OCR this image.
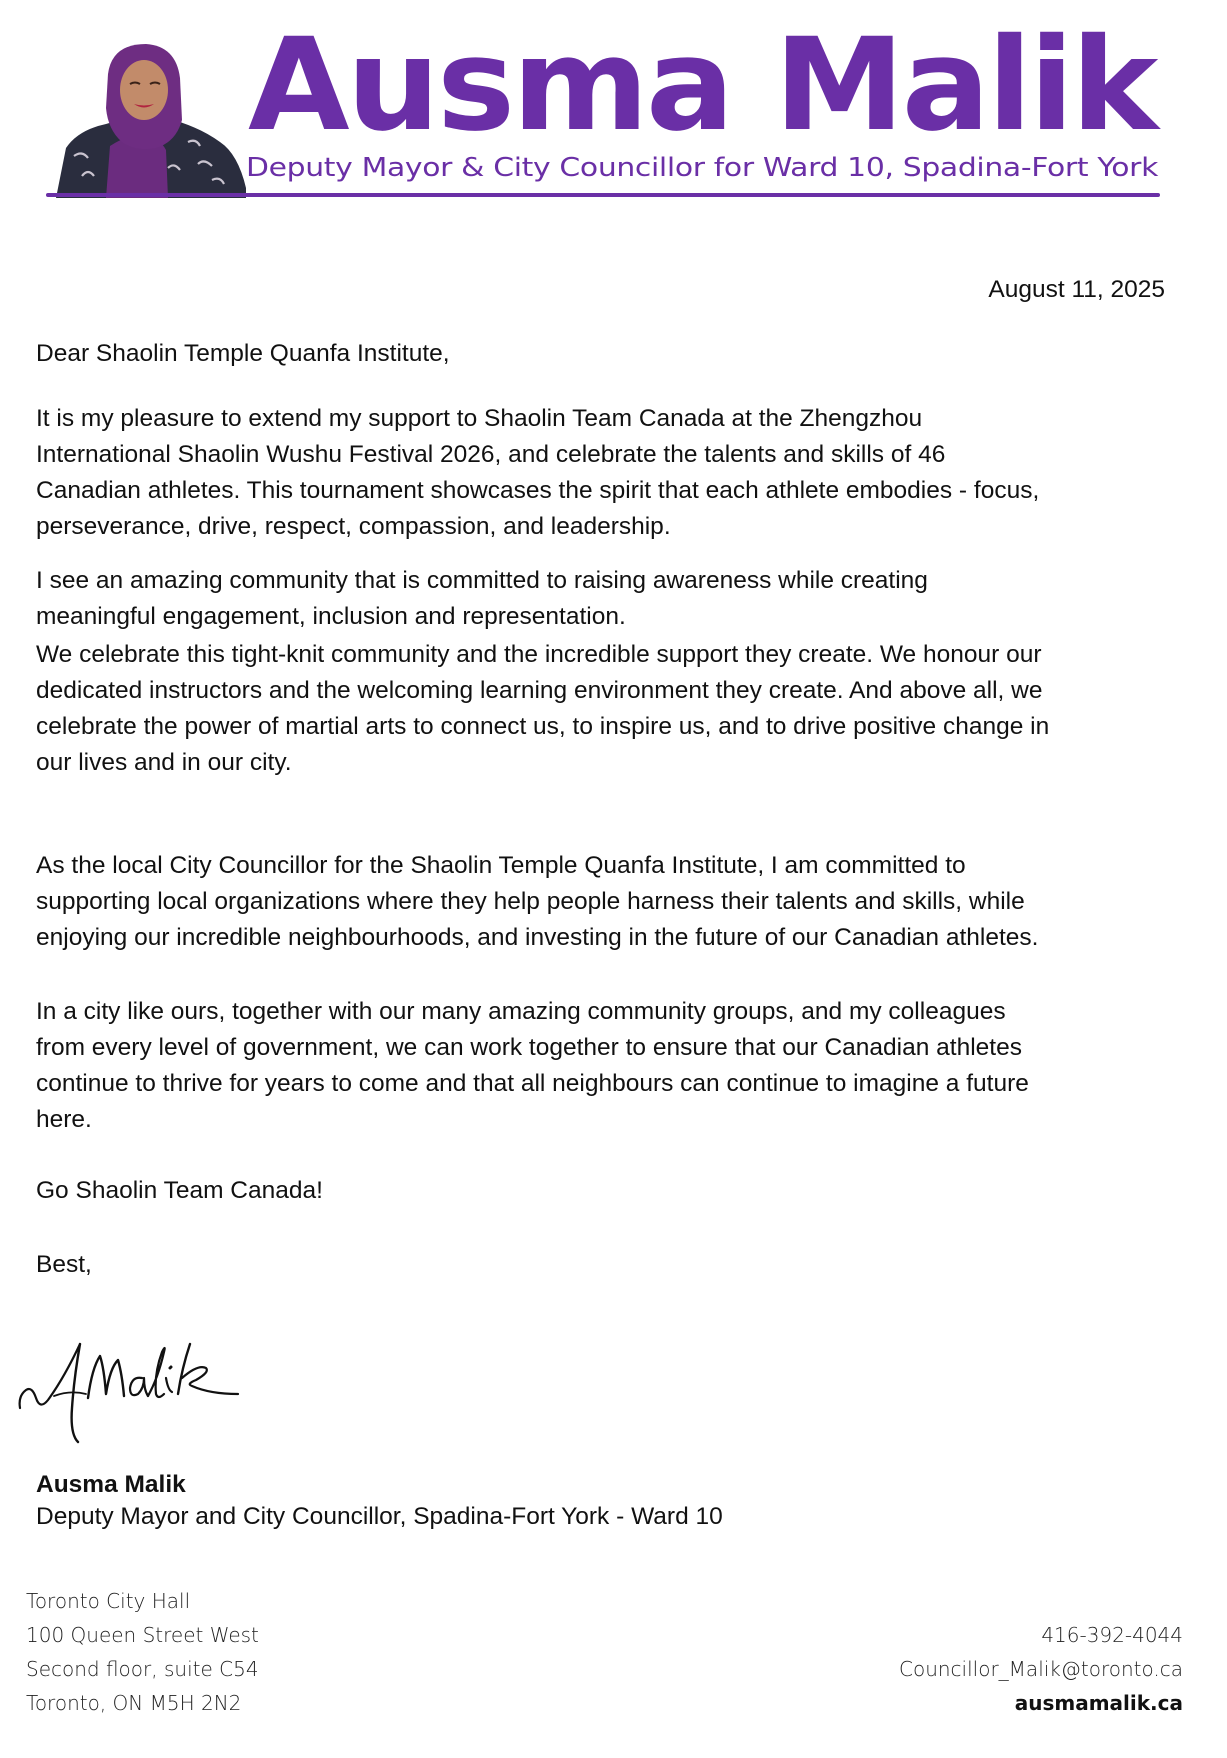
Ausma Malik
Deputy Mayor & City Councillor for Ward 10, Spadina-Fort York
August 11, 2025
Dear Shaolin Temple Quanfa Institute,
It is my pleasure to extend my support to Shaolin Team Canada at the Zhengzhou
International Shaolin Wushu Festival 2026, and celebrate the talents and skills of 46
Canadian athletes. This tournament showcases the spirit that each athlete embodies - focus,
perseverance, drive, respect, compassion, and leadership.
I see an amazing community that is committed to raising awareness while creating
meaningful engagement, inclusion and representation.
We celebrate this tight-knit community and the incredible support they create. We honour our
dedicated instructors and the welcoming learning environment they create. And above all, we
celebrate the power of martial arts to connect us, to inspire us, and to drive positive change in
our lives and in our city.
As the local City Councillor for the Shaolin Temple Quanfa Institute, I am committed to
supporting local organizations where they help people harness their talents and skills, while
enjoying our incredible neighbourhoods, and investing in the future of our Canadian athletes.
In a city like ours, together with our many amazing community groups, and my colleagues
from every level of government, we can work together to ensure that our Canadian athletes
continue to thrive for years to come and that all neighbours can continue to imagine a future
here.
Go Shaolin Team Canada!
Best,
Ausma Malik
Deputy Mayor and City Councillor, Spadina-Fort York - Ward 10
Toronto City Hall
100 Queen Street West
Second floor, suite C54
Toronto, ON M5H 2N2
416-392-4044
Councillor_Malik@toronto.ca
ausmamalik.ca
